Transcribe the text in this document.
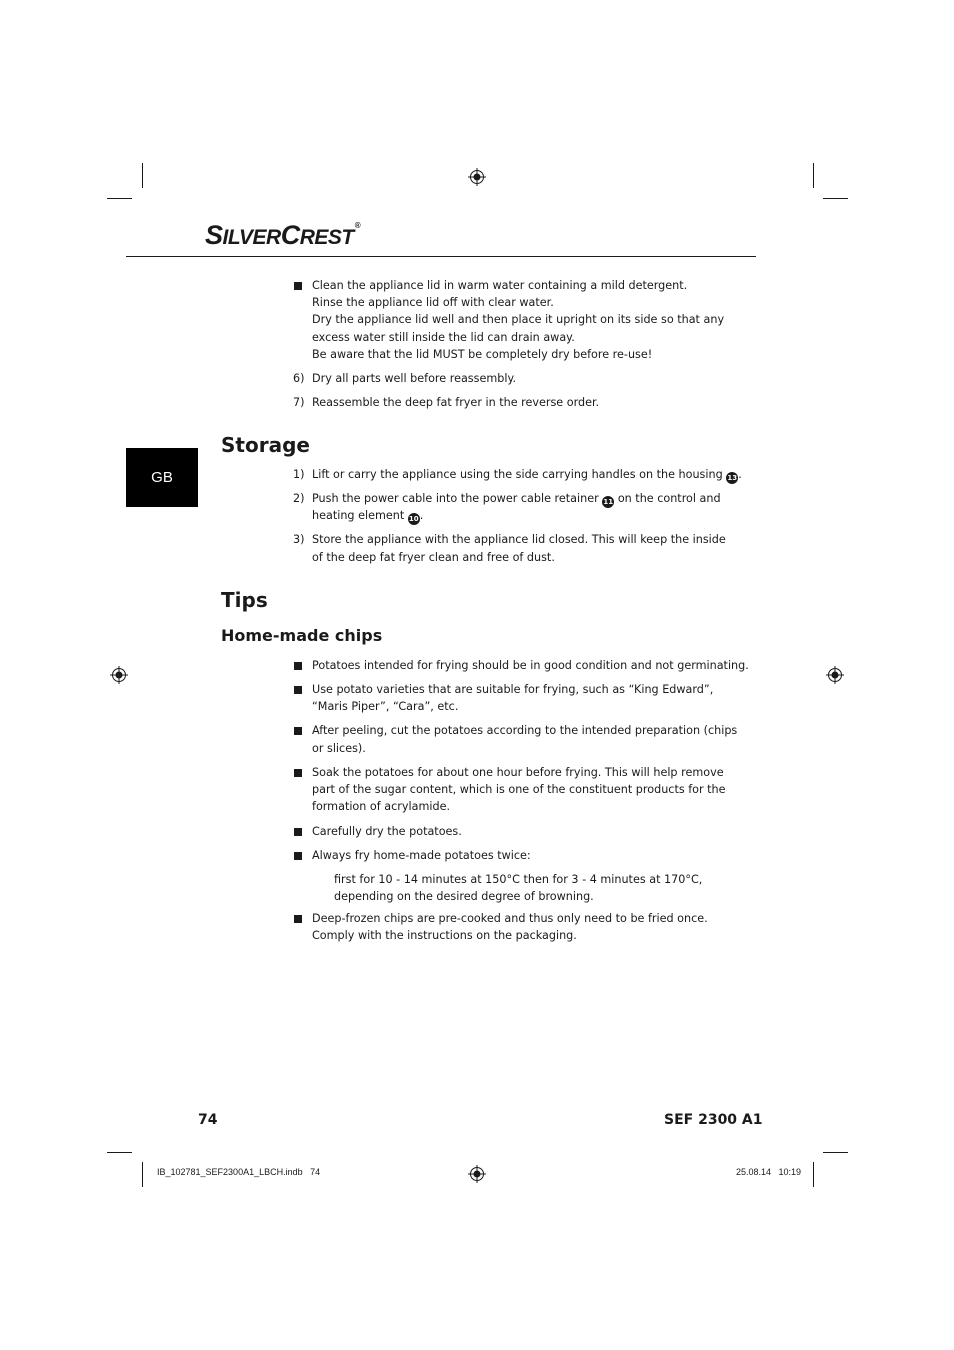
SILVERCREST®
GB
Clean the appliance lid in warm water containing a mild detergent.
Rinse the appliance lid off with clear water.
Dry the appliance lid well and then place it upright on its side so that any
excess water still inside the lid can drain away.
Be aware that the lid MUST be completely dry before re-use!
6) Dry all parts well before reassembly.
7) Reassemble the deep fat fryer in the reverse order.
Storage
1) Lift or carry the appliance using the side carrying handles on the housing 13.
2) Push the power cable into the power cable retainer 11 on the control and
heating element 10.
3) Store the appliance with the appliance lid closed. This will keep the inside
of the deep fat fryer clean and free of dust.
Tips
Home-made chips
Potatoes intended for frying should be in good condition and not germinating.
Use potato varieties that are suitable for frying, such as “King Edward”,
“Maris Piper”, “Cara”, etc.
After peeling, cut the potatoes according to the intended preparation (chips
or slices).
Soak the potatoes for about one hour before frying. This will help remove
part of the sugar content, which is one of the constituent products for the
formation of acrylamide.
Carefully dry the potatoes.
Always fry home-made potatoes twice:
first for 10 - 14 minutes at 150°C then for 3 - 4 minutes at 170°C,
depending on the desired degree of browning.
Deep-frozen chips are pre-cooked and thus only need to be fried once.
Comply with the instructions on the packaging.
74	SEF 2300 A1
IB_102781_SEF2300A1_LBCH.indb   74	25.08.14   10:19
